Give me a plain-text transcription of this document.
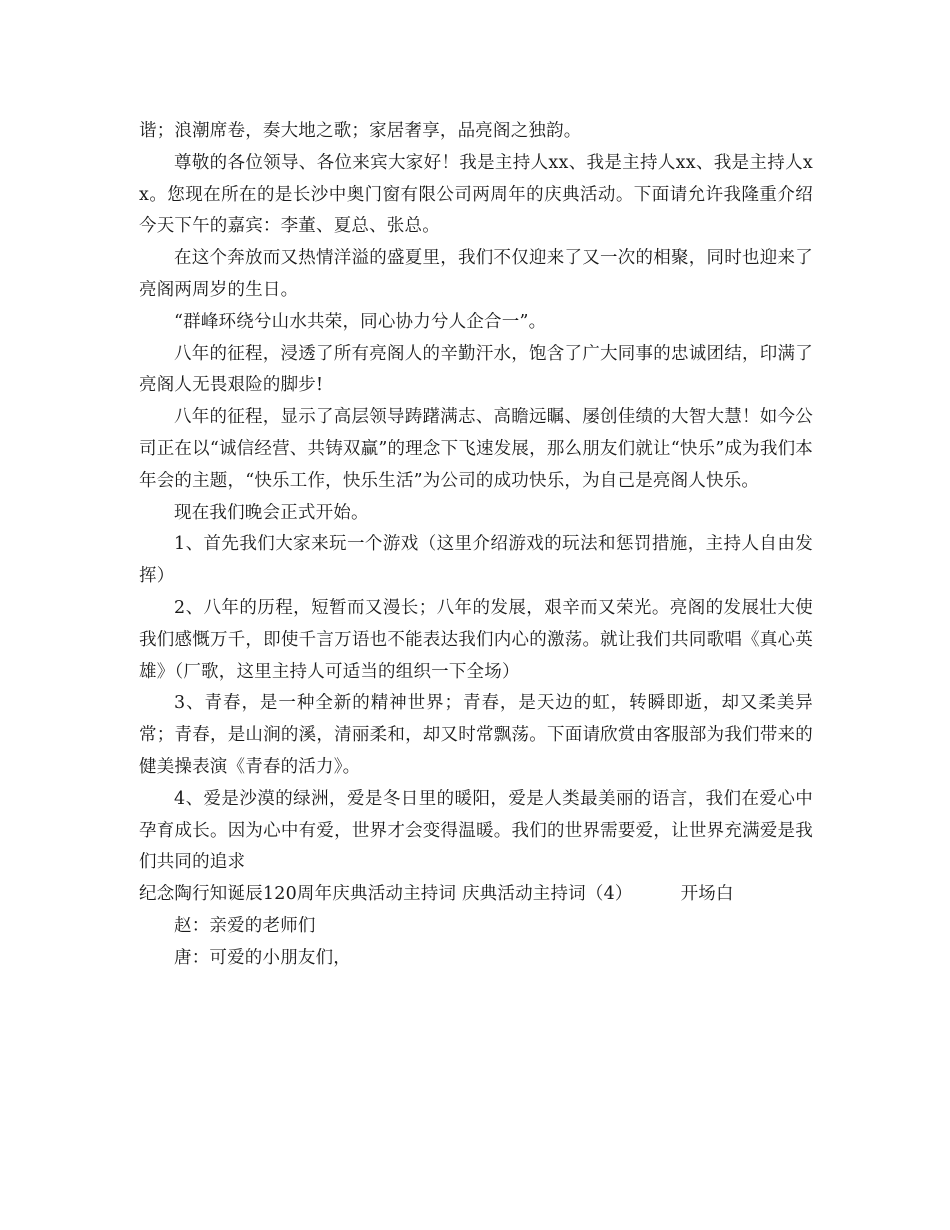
谐；浪潮席卷，奏大地之歌；家居奢享，品亮阁之独韵。

尊敬的各位领导、各位来宾大家好！我是主持人xx、我是主持人xx、我是主持人xx。您现在所在的是长沙中奥门窗有限公司两周年的庆典活动。下面请允许我隆重介绍今天下午的嘉宾：李董、夏总、张总。

在这个奔放而又热情洋溢的盛夏里，我们不仅迎来了又一次的相聚，同时也迎来了亮阁两周岁的生日。

“群峰环绕兮山水共荣，同心协力兮人企合一”。

八年的征程，浸透了所有亮阁人的辛勤汗水，饱含了广大同事的忠诚团结，印满了亮阁人无畏艰险的脚步!

八年的征程，显示了高层领导踌躇满志、高瞻远瞩、屡创佳绩的大智大慧！如今公司正在以“诚信经营、共铸双赢”的理念下飞速发展，那么朋友们就让“快乐”成为我们本年会的主题，“快乐工作，快乐生活”为公司的成功快乐，为自己是亮阁人快乐。

现在我们晚会正式开始。

1、首先我们大家来玩一个游戏（这里介绍游戏的玩法和惩罚措施，主持人自由发挥）

2、八年的历程，短暂而又漫长；八年的发展，艰辛而又荣光。亮阁的发展壮大使我们感慨万千，即使千言万语也不能表达我们内心的激荡。就让我们共同歌唱《真心英雄》（厂歌，这里主持人可适当的组织一下全场）

3、青春，是一种全新的精神世界；青春，是天边的虹，转瞬即逝，却又柔美异常；青春，是山涧的溪，清丽柔和，却又时常飘荡。下面请欣赏由客服部为我们带来的健美操表演《青春的活力》。

4、爱是沙漠的绿洲，爱是冬日里的暖阳，爱是人类最美丽的语言，我们在爱心中孕育成长。因为心中有爱，世界才会变得温暖。我们的世界需要爱，让世界充满爱是我们共同的追求

纪念陶行知诞辰120周年庆典活动主持词 庆典活动主持词（4）	开场白

赵：亲爱的老师们

唐：可爱的小朋友们，
